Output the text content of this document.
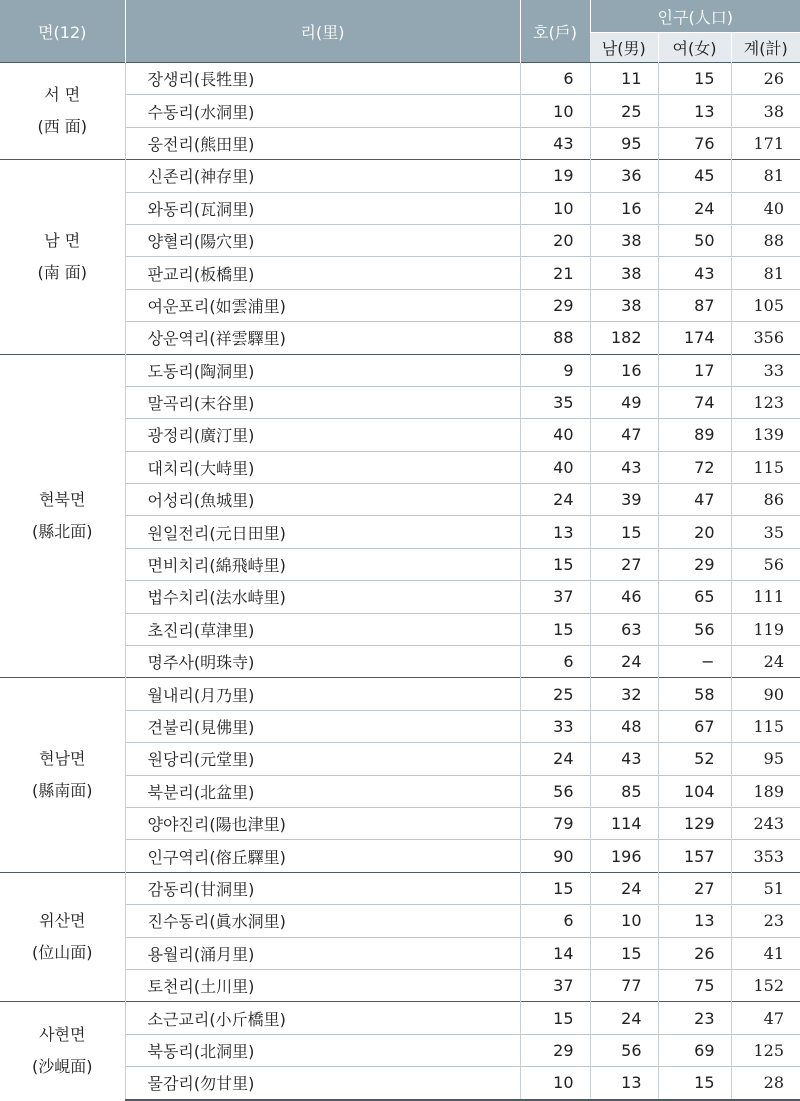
면(12)	리(里)	호(戶)	인구(人口)		
			남(男)	여(女)	계(計)

서 면
(西 面)	장생리(長牲里)	6	11	15	26
	수동리(水洞里)	10	25	13	38
	웅전리(熊田里)	43	95	76	171

남 면
(南 面)	신존리(神存里)	19	36	45	81
	와동리(瓦洞里)	10	16	24	40
	양혈리(陽穴里)	20	38	50	88
	판교리(板橋里)	21	38	43	81
	여운포리(如雲浦里)	29	38	87	105
	상운역리(祥雲驛里)	88	182	174	356

현북면
(縣北面)	도동리(陶洞里)	9	16	17	33
	말곡리(末谷里)	35	49	74	123
	광정리(廣汀里)	40	47	89	139
	대치리(大峙里)	40	43	72	115
	어성리(魚城里)	24	39	47	86
	원일전리(元日田里)	13	15	20	35
	면비치리(綿飛峙里)	15	27	29	56
	법수치리(法水峙里)	37	46	65	111
	초진리(草津里)	15	63	56	119
	명주사(明珠寺)	6	24	−	24

현남면
(縣南面)	월내리(月乃里)	25	32	58	90
	견불리(見佛里)	33	48	67	115
	원당리(元堂里)	24	43	52	95
	북분리(北盆里)	56	85	104	189
	양야진리(陽也津里)	79	114	129	243
	인구역리(傛丘驛里)	90	196	157	353

위산면
(位山面)	감동리(甘洞里)	15	24	27	51
	진수동리(眞水洞里)	6	10	13	23
	용월리(涌月里)	14	15	26	41
	토천리(土川里)	37	77	75	152

사현면
(沙峴面)	소근교리(小斤橋里)	15	24	23	47
	북동리(北洞里)	29	56	69	125
	물감리(勿甘里)	10	13	15	28
